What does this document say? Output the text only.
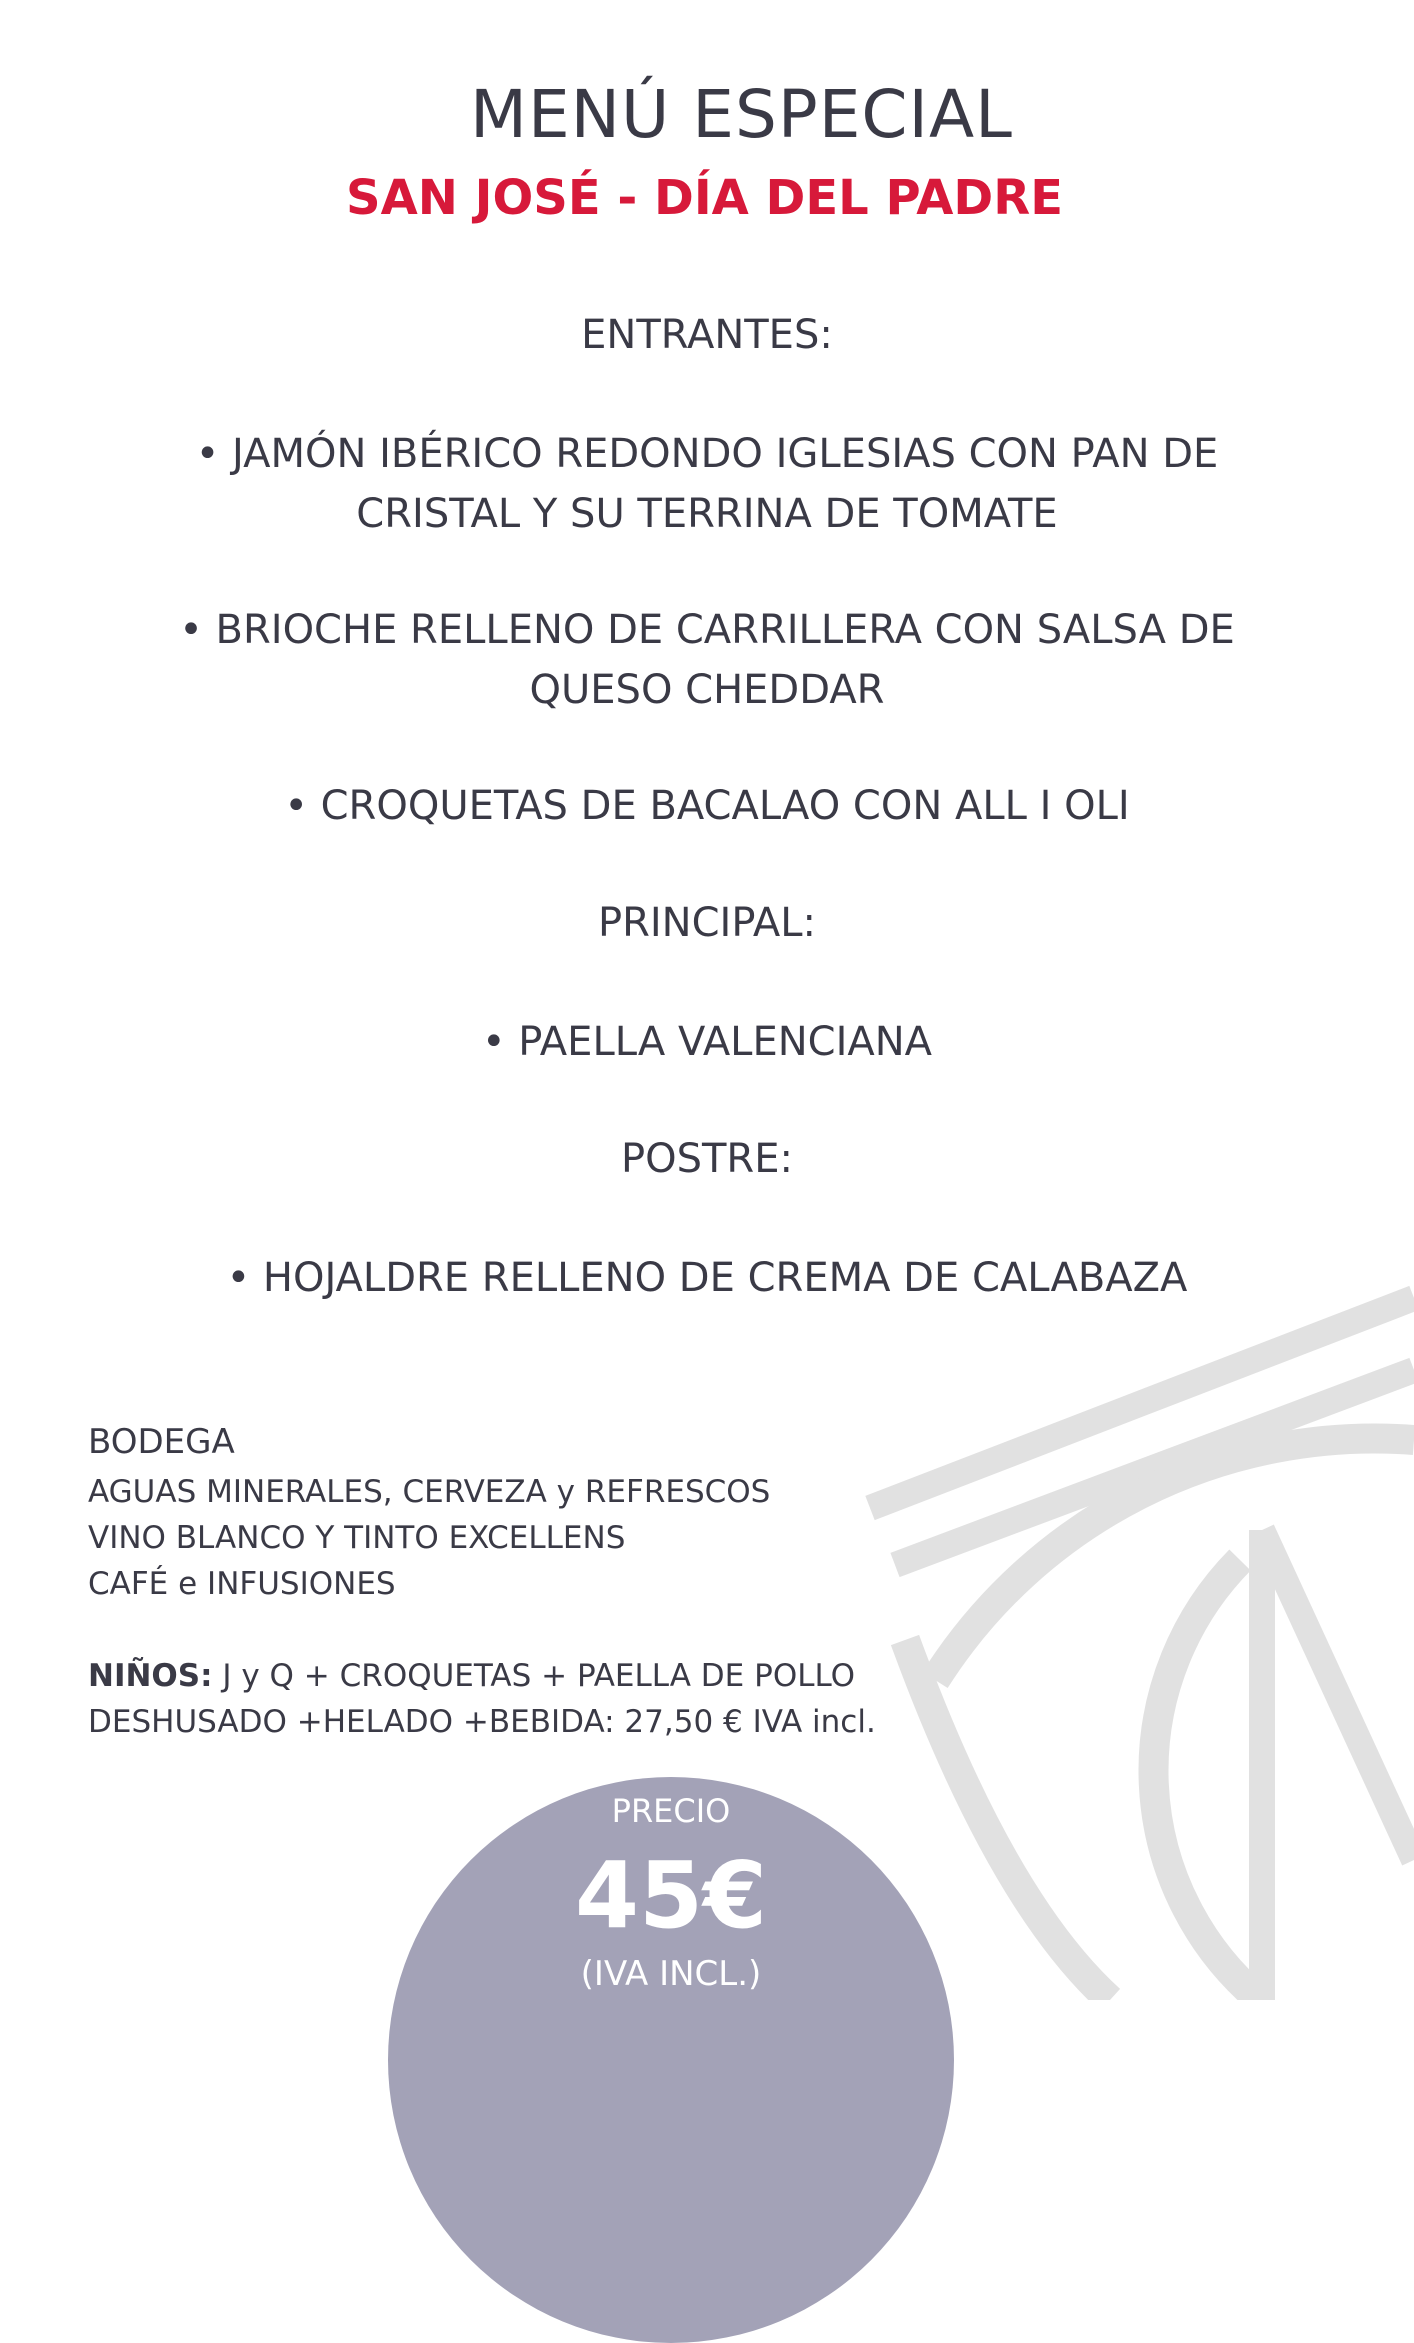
MENÚ ESPECIAL
SAN JOSÉ - DÍA DEL PADRE

ENTRANTES:

• JAMÓN IBÉRICO REDONDO IGLESIAS CON PAN DE
CRISTAL Y SU TERRINA DE TOMATE
• BRIOCHE RELLENO DE CARRILLERA CON SALSA DE
QUESO CHEDDAR
• CROQUETAS DE BACALAO CON ALL I OLI

PRINCIPAL:

• PAELLA VALENCIANA

POSTRE:

• HOJALDRE RELLENO DE CREMA DE CALABAZA

BODEGA

AGUAS MINERALES, CERVEZA y REFRESCOS

VINO BLANCO Y TINTO EXCELLENS

CAFÉ e INFUSIONES

NIÑOS: J y Q + CROQUETAS + PAELLA DE POLLO

DESHUSADO +HELADO +BEBIDA: 27,50 € IVA incl.

PRECIO

45€

(IVA INCL.)
